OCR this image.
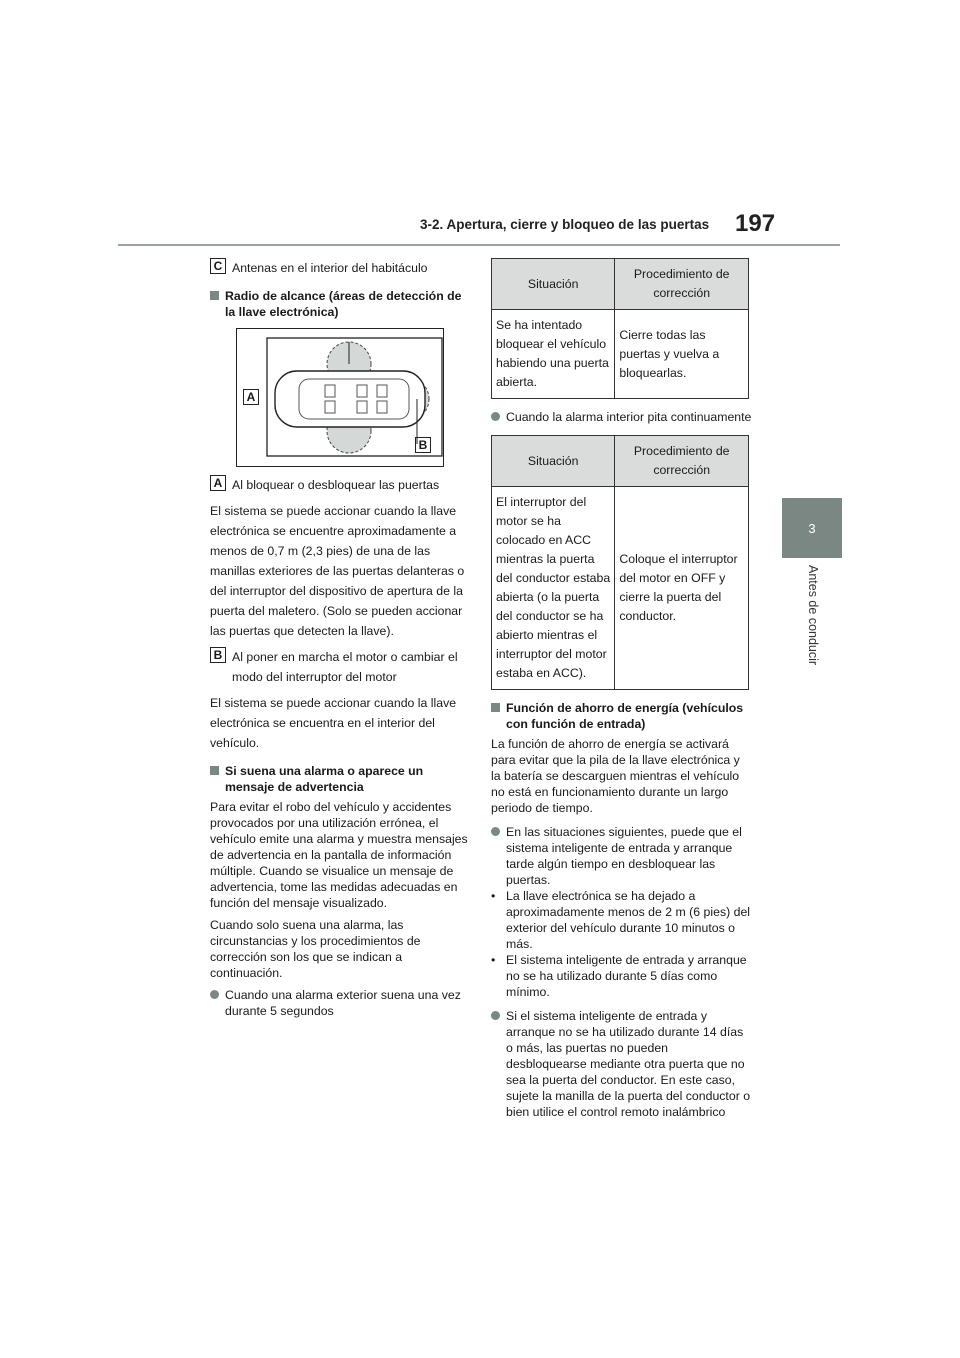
3-2. Apertura, cierre y bloqueo de las puertas 197
3
Antes de conducir
C Antenas en el interior del habitáculo
Radio de alcance (áreas de detección de la llave electrónica)
A
B
A Al bloquear o desbloquear las puertas

El sistema se puede accionar cuando la llave electrónica se encuentre aproximadamente a menos de 0,7 m (2,3 pies) de una de las manillas exteriores de las puertas delanteras o del interruptor del dispositivo de apertura de la puerta del maletero. (Solo se pueden accionar las puertas que detecten la llave).

B Al poner en marcha el motor o cambiar el modo del interruptor del motor

El sistema se puede accionar cuando la llave electrónica se encuentra en el interior del vehículo.

Si suena una alarma o aparece un mensaje de advertencia

Para evitar el robo del vehículo y accidentes provocados por una utilización errónea, el vehículo emite una alarma y muestra mensajes de advertencia en la pantalla de información múltiple. Cuando se visualice un mensaje de advertencia, tome las medidas adecuadas en función del mensaje visualizado.

Cuando solo suena una alarma, las circunstancias y los procedimientos de corrección son los que se indican a continuación.

Cuando una alarma exterior suena una vez durante 5 segundos
Situación	Procedimiento de corrección
Se ha intentado bloquear el vehículo habiendo una puerta abierta.	Cierre todas las puertas y vuelva a bloquearlas.
Cuando la alarma interior pita continuamente
Situación	Procedimiento de corrección
El interruptor del motor se ha colocado en ACC mientras la puerta del conductor estaba abierta (o la puerta del conductor se ha abierto mientras el interruptor del motor estaba en ACC).	Coloque el interruptor del motor en OFF y cierre la puerta del conductor.
Función de ahorro de energía (vehículos con función de entrada)

La función de ahorro de energía se activará para evitar que la pila de la llave electrónica y la batería se descarguen mientras el vehículo no está en funcionamiento durante un largo periodo de tiempo.

En las situaciones siguientes, puede que el sistema inteligente de entrada y arranque tarde algún tiempo en desbloquear las puertas.
• La llave electrónica se ha dejado a aproximadamente menos de 2 m (6 pies) del exterior del vehículo durante 10 minutos o más.
• El sistema inteligente de entrada y arranque no se ha utilizado durante 5 días como mínimo.
Si el sistema inteligente de entrada y arranque no se ha utilizado durante 14 días o más, las puertas no pueden desbloquearse mediante otra puerta que no sea la puerta del conductor. En este caso, sujete la manilla de la puerta del conductor o bien utilice el control remoto inalámbrico
